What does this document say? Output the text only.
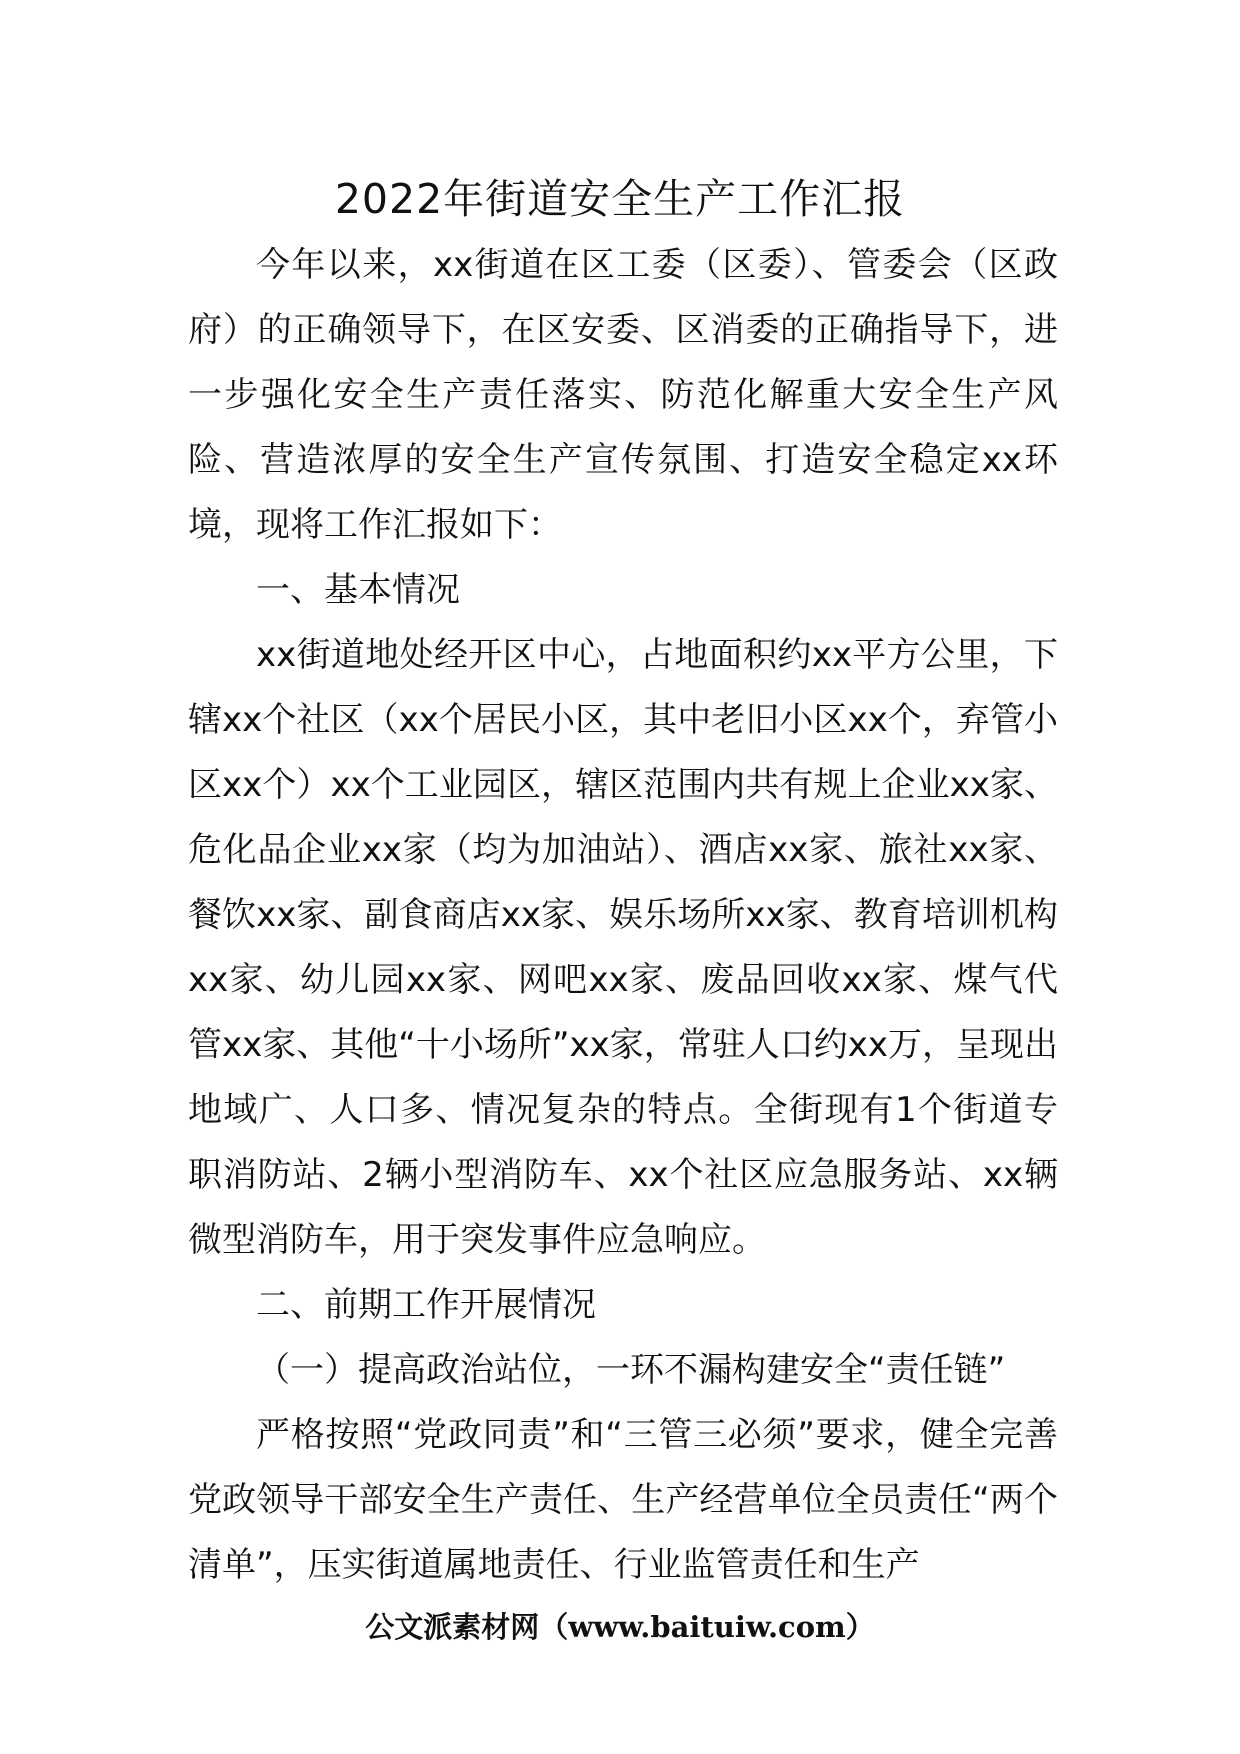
2022年街道安全生产工作汇报

今年以来，xx街道在区工委（区委）、管委会（区政府）的正确领导下，在区安委、区消委的正确指导下，进一步强化安全生产责任落实、防范化解重大安全生产风险、营造浓厚的安全生产宣传氛围、打造安全稳定xx环境，现将工作汇报如下：

一、基本情况

xx街道地处经开区中心，占地面积约xx平方公里，下辖xx个社区（xx个居民小区，其中老旧小区xx个，弃管小区xx个）xx个工业园区，辖区范围内共有规上企业xx家、危化品企业xx家（均为加油站）、酒店xx家、旅社xx家、餐饮xx家、副食商店xx家、娱乐场所xx家、教育培训机构xx家、幼儿园xx家、网吧xx家、废品回收xx家、煤气代管xx家、其他“十小场所”xx家，常驻人口约xx万，呈现出地域广、人口多、情况复杂的特点。全街现有1个街道专职消防站、2辆小型消防车、xx个社区应急服务站、xx辆微型消防车，用于突发事件应急响应。

二、前期工作开展情况

（一）提高政治站位，一环不漏构建安全“责任链”

严格按照“党政同责”和“三管三必须”要求，健全完善党政领导干部安全生产责任、生产经营单位全员责任“两个清单”，压实街道属地责任、行业监管责任和生产

公文派素材网（www.baituiw.com）
